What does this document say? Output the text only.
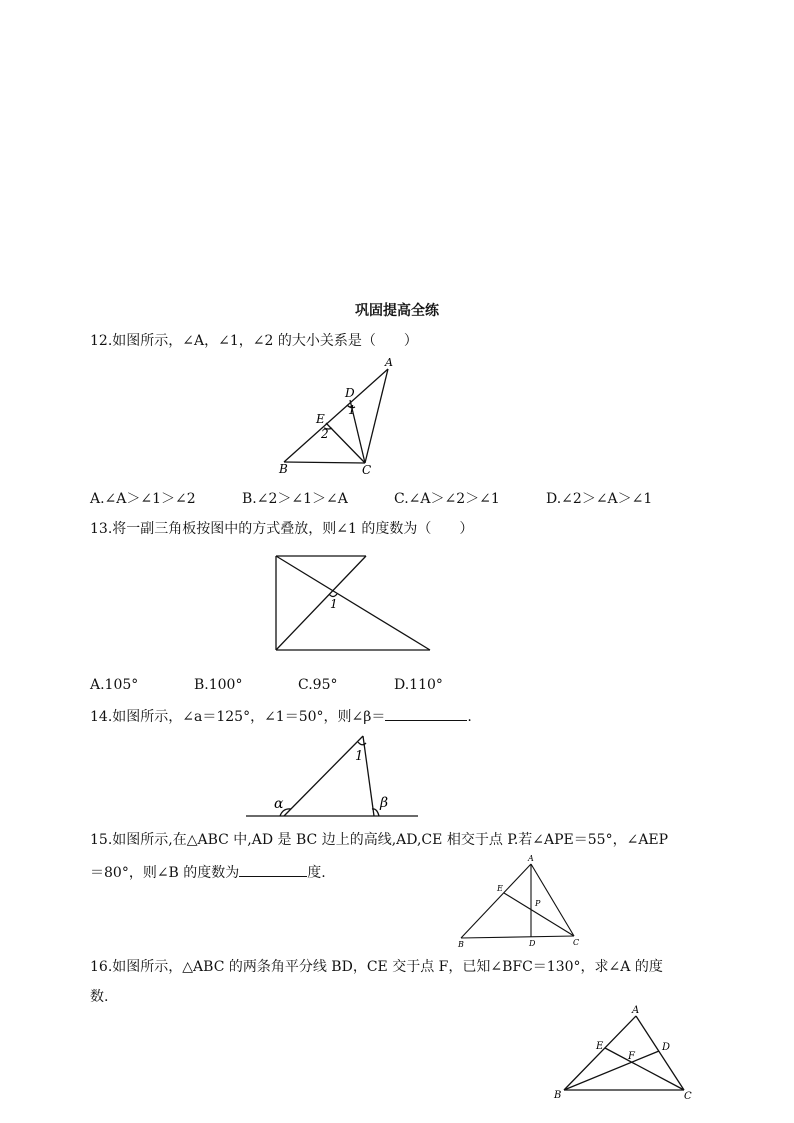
巩固提高全练
12.如图所示，∠A，∠1，∠2 的大小关系是（　　）
A
D
1
E
2
B	C
A.∠A＞∠1＞∠2	B.∠2＞∠1＞∠A	C.∠A＞∠2＞∠1	D.∠2＞∠A＞∠1
13.将一副三角板按图中的方式叠放，则∠1 的度数为（　　）
1
A.105°	B.100°	C.95°	D.110°
14.如图所示，∠a＝125°，∠1＝50°，则∠β＝	.
α	β
1
15.如图所示,在△ABC 中,AD 是 BC 边上的高线,AD,CE 相交于点 P.若∠APE＝55°，∠AEP
＝80°，则∠B 的度数为	度.
A
E
P
B	D	C
16.如图所示，△ABC 的两条角平分线 BD，CE 交于点 F，已知∠BFC＝130°，求∠A 的度
数.
A
E	D
F
B	C
